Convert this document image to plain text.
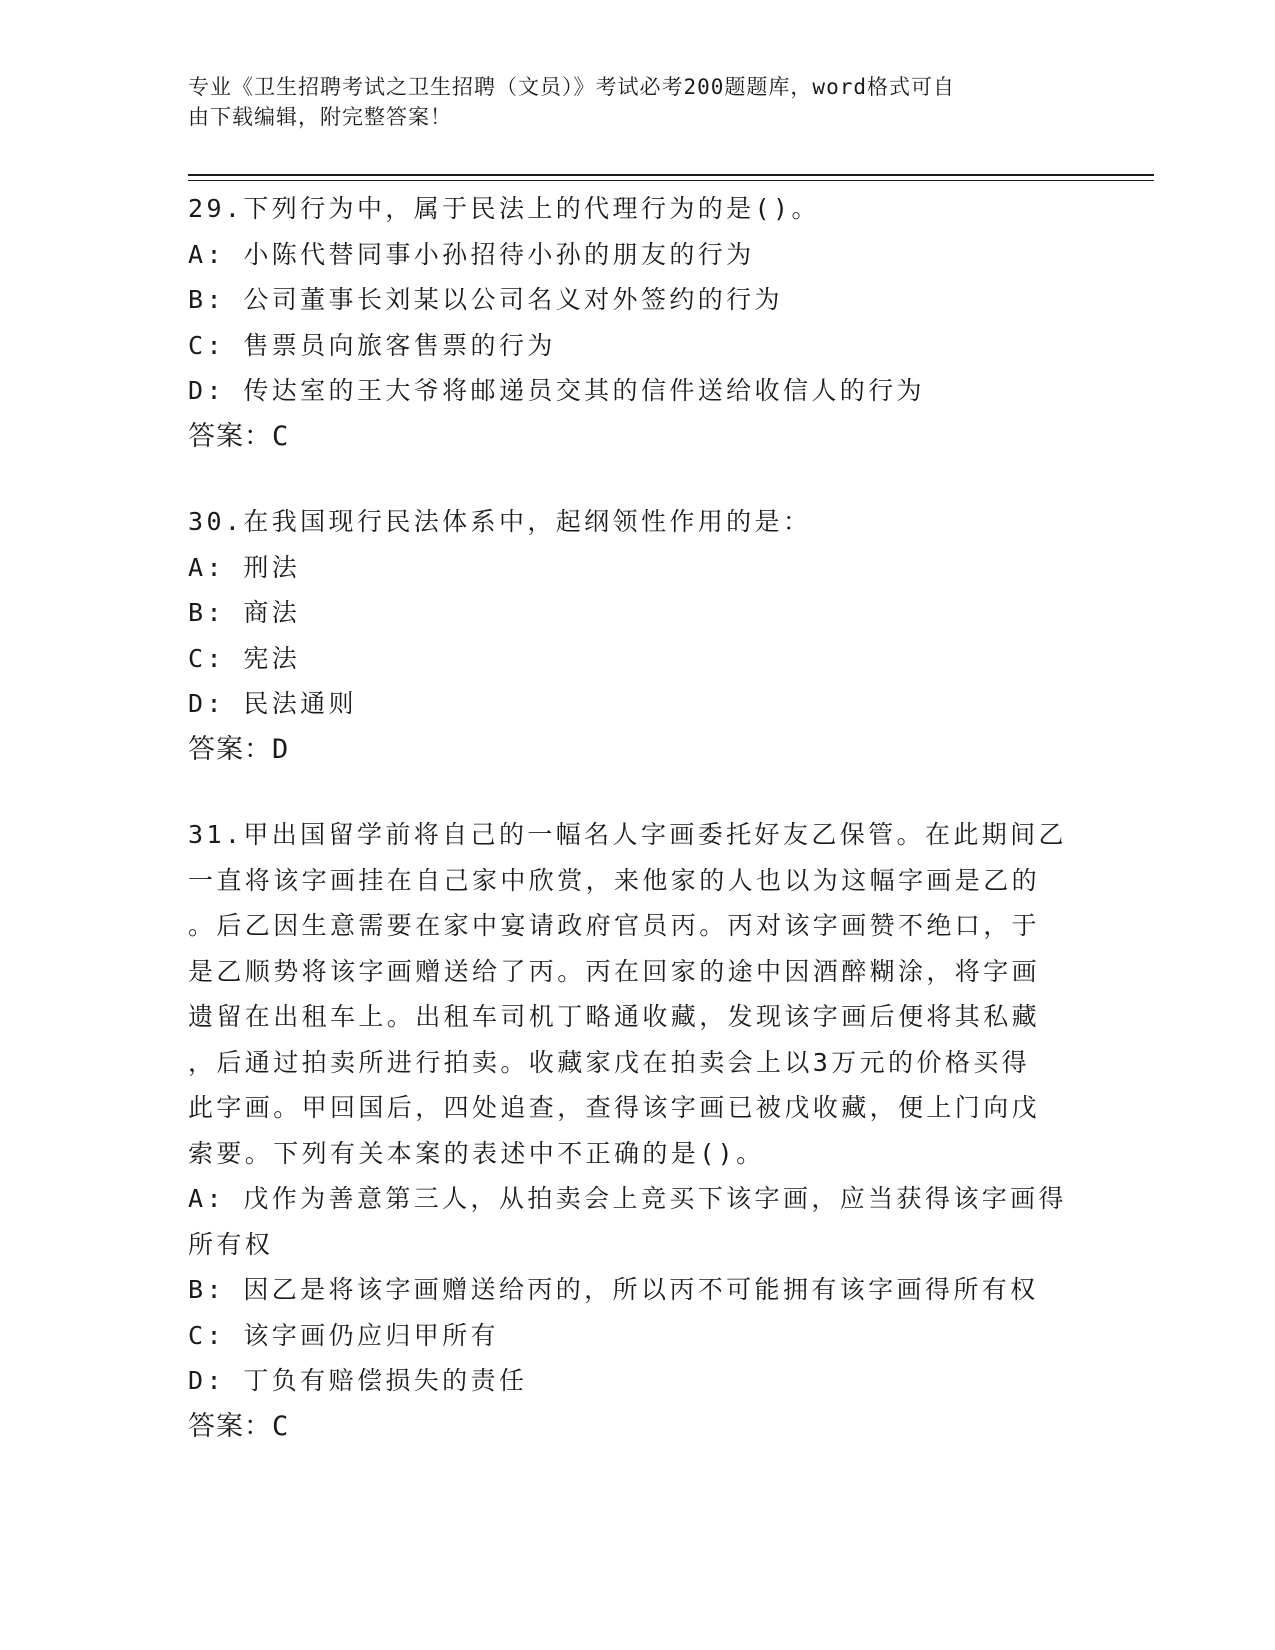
专业《卫生招聘考试之卫生招聘（文员）》考试必考200题题库，word格式可自
由下载编辑，附完整答案！
29.下列行为中，属于民法上的代理行为的是()。
A: 小陈代替同事小孙招待小孙的朋友的行为
B: 公司董事长刘某以公司名义对外签约的行为
C: 售票员向旅客售票的行为
D: 传达室的王大爷将邮递员交其的信件送给收信人的行为
答案：C
30.在我国现行民法体系中，起纲领性作用的是：
A: 刑法
B: 商法
C: 宪法
D: 民法通则
答案：D
31.甲出国留学前将自己的一幅名人字画委托好友乙保管。在此期间乙
一直将该字画挂在自己家中欣赏，来他家的人也以为这幅字画是乙的
。后乙因生意需要在家中宴请政府官员丙。丙对该字画赞不绝口，于
是乙顺势将该字画赠送给了丙。丙在回家的途中因酒醉糊涂，将字画
遗留在出租车上。出租车司机丁略通收藏，发现该字画后便将其私藏
，后通过拍卖所进行拍卖。收藏家戊在拍卖会上以3万元的价格买得
此字画。甲回国后，四处追查，查得该字画已被戊收藏，便上门向戊
索要。下列有关本案的表述中不正确的是()。
A: 戊作为善意第三人，从拍卖会上竞买下该字画，应当获得该字画得
所有权
B: 因乙是将该字画赠送给丙的，所以丙不可能拥有该字画得所有权
C: 该字画仍应归甲所有
D: 丁负有赔偿损失的责任
答案：C
